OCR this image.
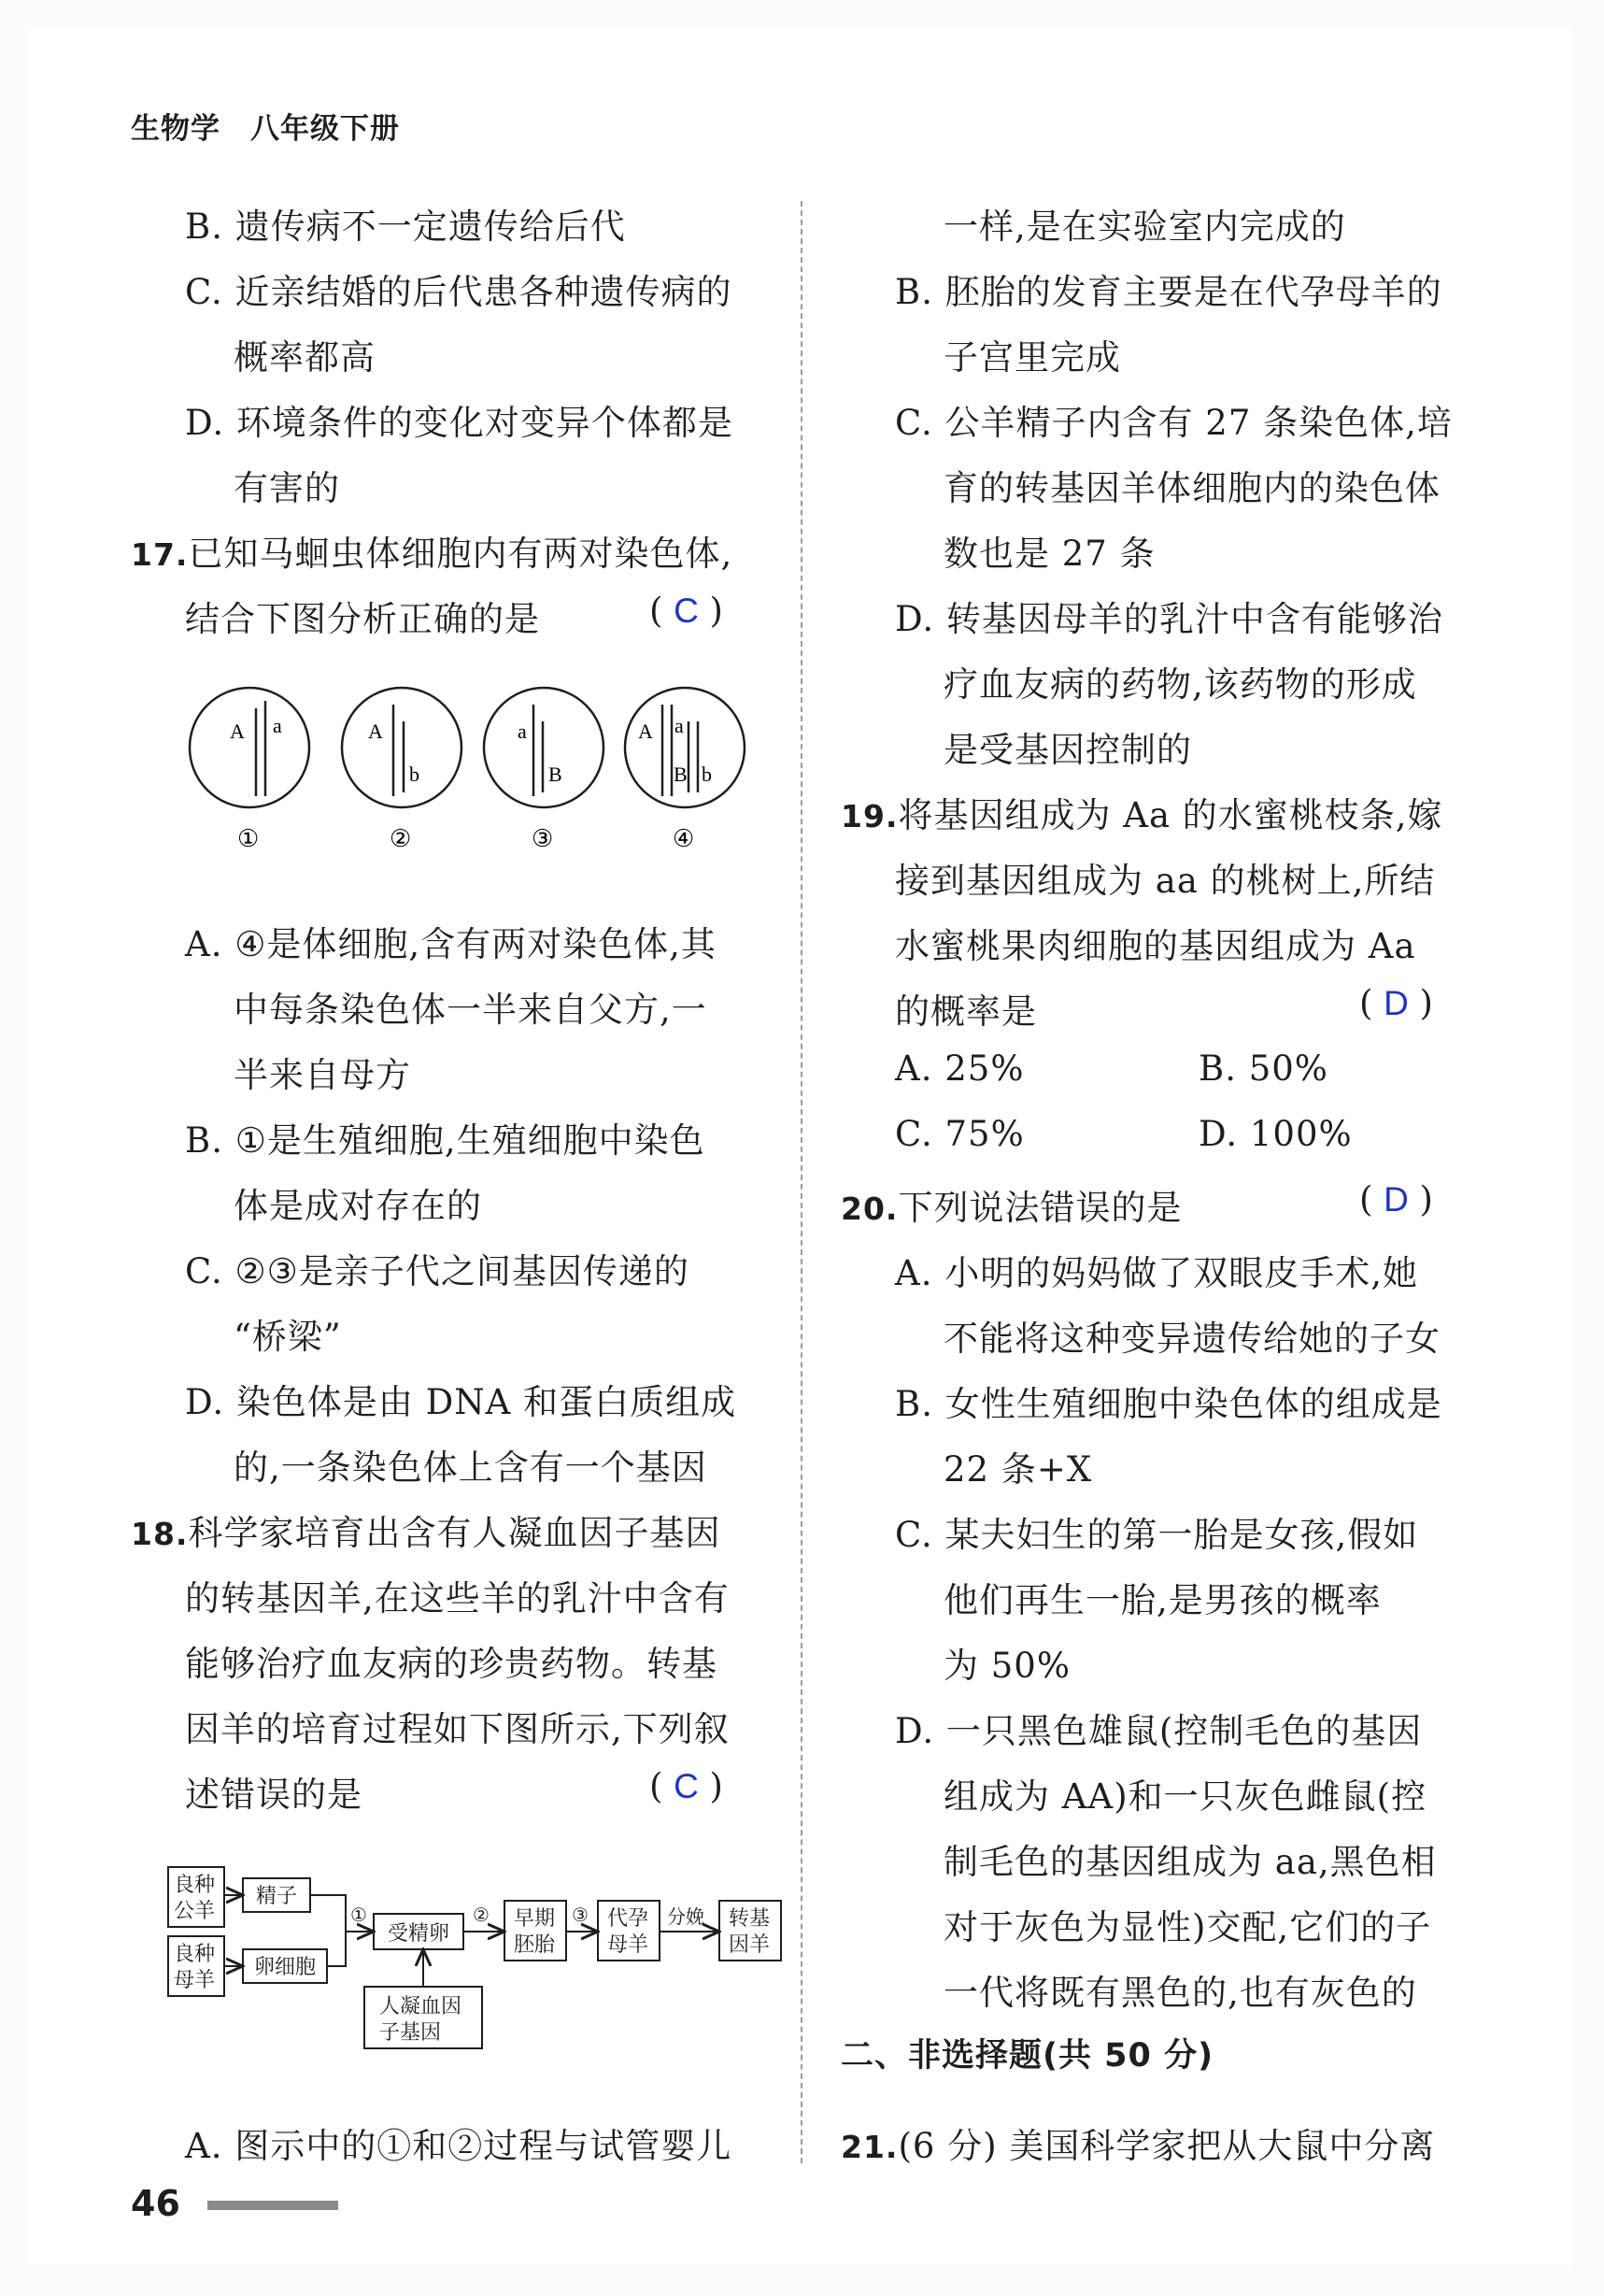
生物学　八年级下册
B. 遗传病不一定遗传给后代
C. 近亲结婚的后代患各种遗传病的
概率都高
D. 环境条件的变化对变异个体都是
有害的
17.已知马蛔虫体细胞内有两对染色体,
结合下图分析正确的是	( C )
A a
①
A
b
②
a
B
③
A a
B b
④
A. ④是体细胞,含有两对染色体,其
中每条染色体一半来自父方,一
半来自母方
B. ①是生殖细胞,生殖细胞中染色
体是成对存在的
C. ②③是亲子代之间基因传递的
“桥梁”
D. 染色体是由 DNA 和蛋白质组成
的,一条染色体上含有一个基因
18.科学家培育出含有人凝血因子基因
的转基因羊,在这些羊的乳汁中含有
能够治疗血友病的珍贵药物。转基
因羊的培育过程如下图所示,下列叙
述错误的是	( C )
良种
公羊
良种
母羊
精子
卵细胞
①
受精卵
② 早期
胚胎
③ 代孕
母羊
分娩 转基
因羊
人凝血因
子基因
A. 图示中的①和②过程与试管婴儿
一样,是在实验室内完成的
B. 胚胎的发育主要是在代孕母羊的
子宫里完成
C. 公羊精子内含有 27 条染色体,培
育的转基因羊体细胞内的染色体
数也是 27 条
D. 转基因母羊的乳汁中含有能够治
疗血友病的药物,该药物的形成
是受基因控制的
19.将基因组成为 Aa 的水蜜桃枝条,嫁
接到基因组成为 aa 的桃树上,所结
水蜜桃果肉细胞的基因组成为 Aa
的概率是	( D )
A. 25%	B. 50%
C. 75%	D. 100%
20.下列说法错误的是	( D )
A. 小明的妈妈做了双眼皮手术,她
不能将这种变异遗传给她的子女
B. 女性生殖细胞中染色体的组成是
22 条+X
C. 某夫妇生的第一胎是女孩,假如
他们再生一胎,是男孩的概率
为 50%
D. 一只黑色雄鼠(控制毛色的基因
组成为 AA)和一只灰色雌鼠(控
制毛色的基因组成为 aa,黑色相
对于灰色为显性)交配,它们的子
一代将既有黑色的,也有灰色的
二、非选择题(共 50 分)
21.(6 分) 美国科学家把从大鼠中分离
46
